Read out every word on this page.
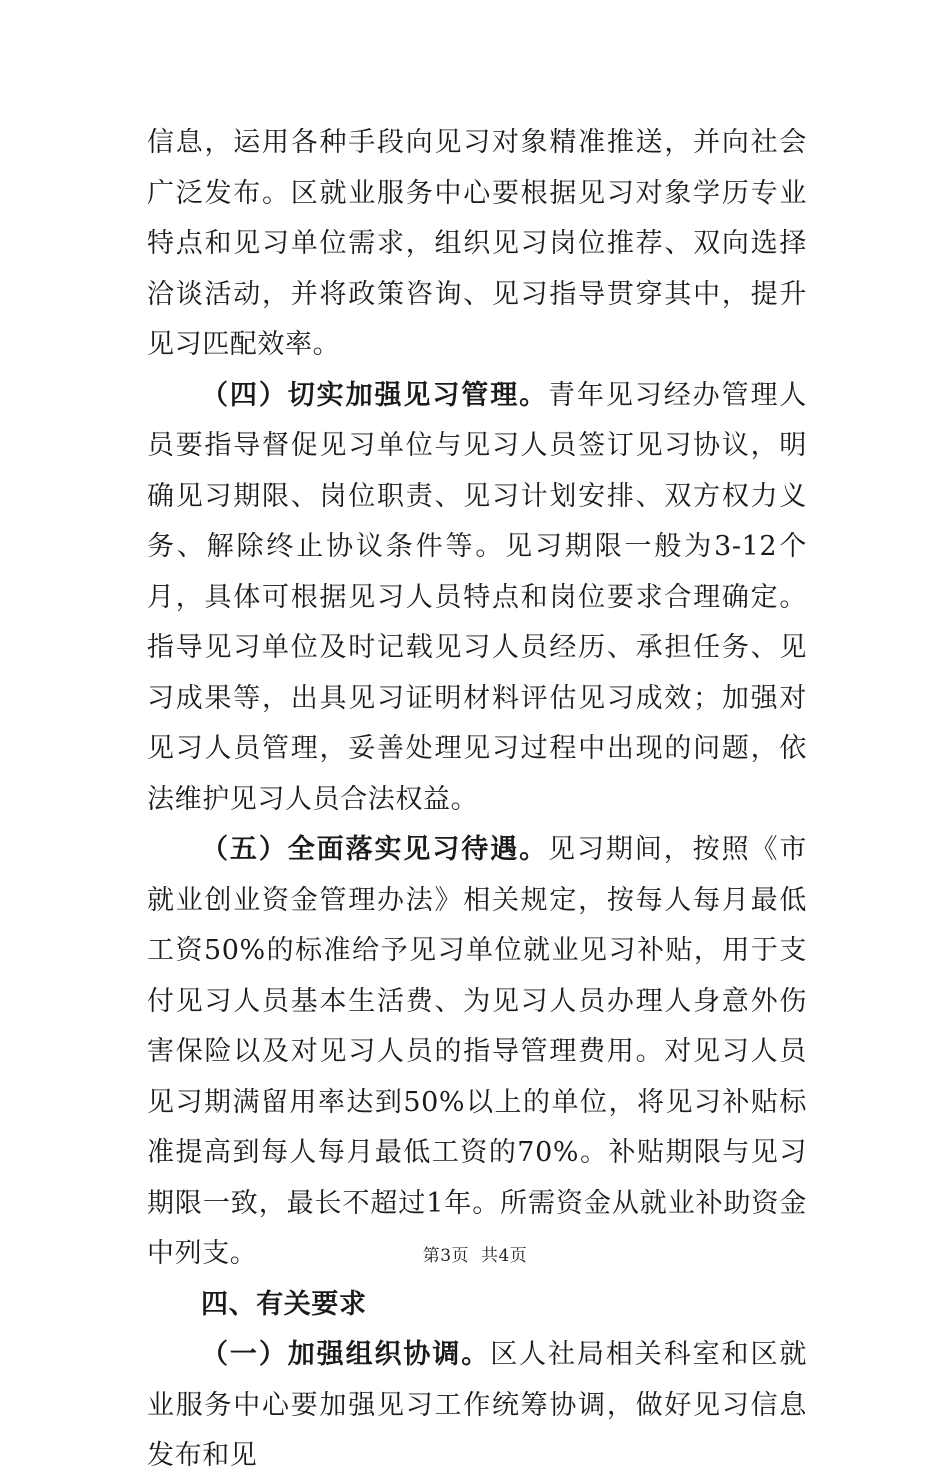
信息，运用各种手段向见习对象精准推送，并向社会广泛发布。区就业服务中心要根据见习对象学历专业特点和见习单位需求，组织见习岗位推荐、双向选择洽谈活动，并将政策咨询、见习指导贯穿其中，提升见习匹配效率。

（四）切实加强见习管理。青年见习经办管理人员要指导督促见习单位与见习人员签订见习协议，明确见习期限、岗位职责、见习计划安排、双方权力义务、解除终止协议条件等。见习期限一般为3-12个月，具体可根据见习人员特点和岗位要求合理确定。指导见习单位及时记载见习人员经历、承担任务、见习成果等，出具见习证明材料评估见习成效；加强对见习人员管理，妥善处理见习过程中出现的问题，依法维护见习人员合法权益。

（五）全面落实见习待遇。见习期间，按照《市就业创业资金管理办法》相关规定，按每人每月最低工资50%的标准给予见习单位就业见习补贴，用于支付见习人员基本生活费、为见习人员办理人身意外伤害保险以及对见习人员的指导管理费用。对见习人员见习期满留用率达到50%以上的单位，将见习补贴标准提高到每人每月最低工资的70%。补贴期限与见习期限一致，最长不超过1年。所需资金从就业补助资金中列支。

四、有关要求

（一）加强组织协调。区人社局相关科室和区就业服务中心要加强见习工作统筹协调，做好见习信息发布和见

第3页 共4页
